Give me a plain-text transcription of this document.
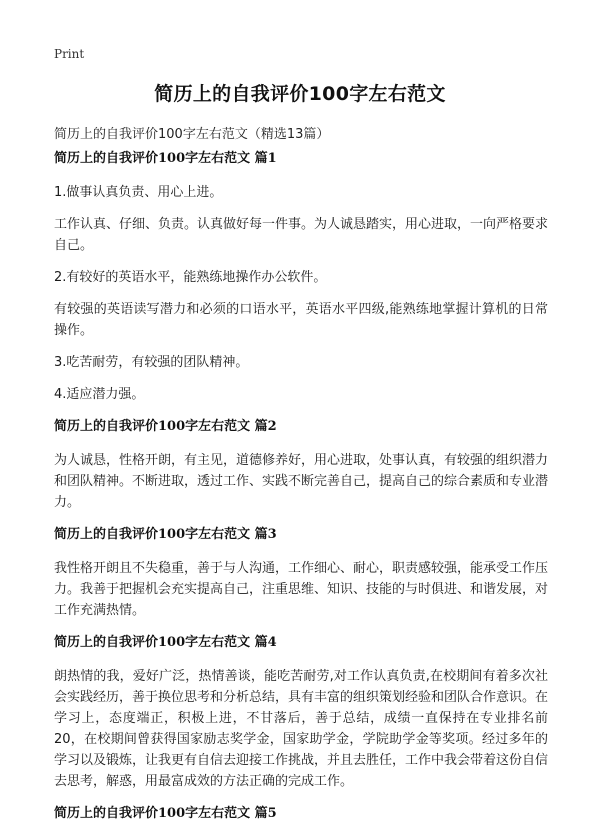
Print
简历上的自我评价100字左右范文
简历上的自我评价100字左右范文（精选13篇）
简历上的自我评价100字左右范文 篇1
1.做事认真负责、用心上进。
工作认真、仔细、负责。认真做好每一件事。为人诚恳踏实，用心进取，一向严格要求自己。
2.有较好的英语水平，能熟练地操作办公软件。
有较强的英语读写潜力和必须的口语水平，英语水平四级,能熟练地掌握计算机的日常操作。
3.吃苦耐劳，有较强的团队精神。
4.适应潜力强。
简历上的自我评价100字左右范文 篇2
为人诚恳，性格开朗，有主见，道德修养好，用心进取，处事认真，有较强的组织潜力和团队精神。不断进取，透过工作、实践不断完善自己，提高自己的综合素质和专业潜力。
简历上的自我评价100字左右范文 篇3
我性格开朗且不失稳重，善于与人沟通，工作细心、耐心，职责感较强，能承受工作压力。我善于把握机会充实提高自己，注重思维、知识、技能的与时俱进、和谐发展，对工作充满热情。
简历上的自我评价100字左右范文 篇4
朗热情的我，爱好广泛，热情善谈，能吃苦耐劳,对工作认真负责,在校期间有着多次社会实践经历，善于换位思考和分析总结，具有丰富的组织策划经验和团队合作意识。在学习上，态度端正，积极上进，不甘落后，善于总结，成绩一直保持在专业排名前20，在校期间曾获得国家励志奖学金，国家助学金，学院助学金等奖项。经过多年的学习以及锻炼，让我更有自信去迎接工作挑战，并且去胜任，工作中我会带着这份自信去思考，解惑，用最富成效的方法正确的完成工作。
简历上的自我评价100字左右范文 篇5
